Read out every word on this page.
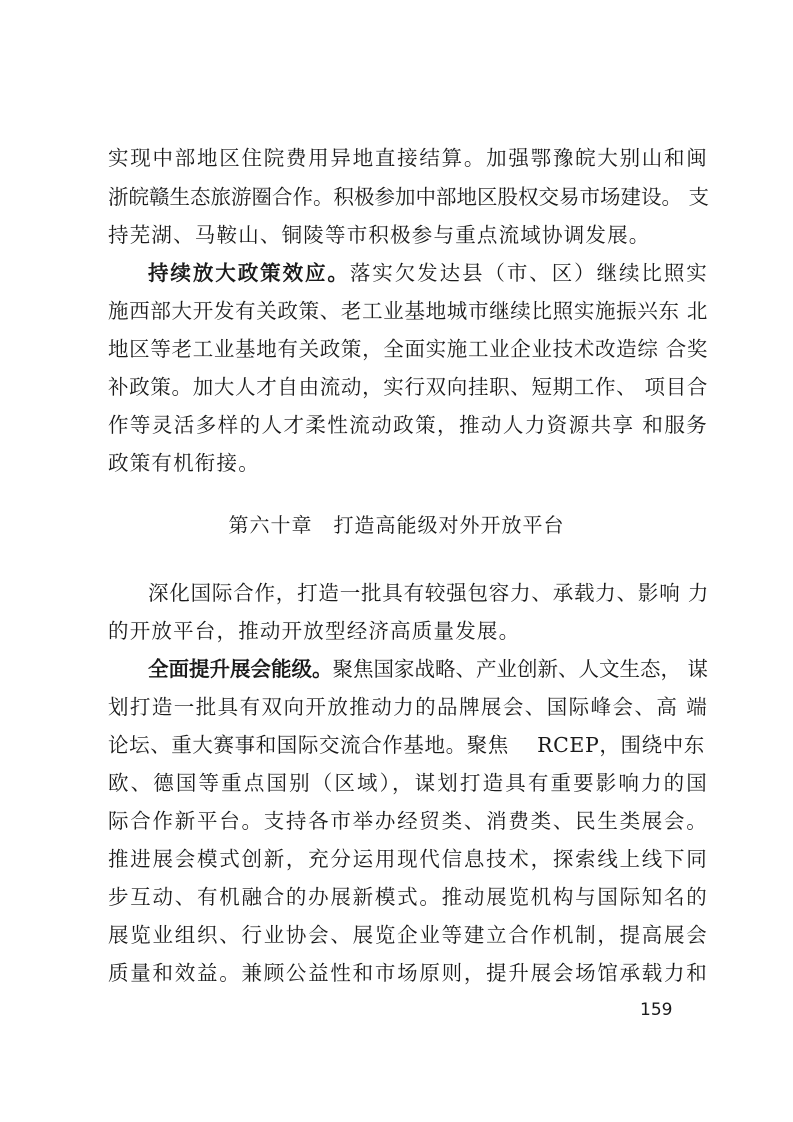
实现中部地区住院费用异地直接结算。加强鄂豫皖大别山和闽
浙皖赣生态旅游圈合作。积极参加中部地区股权交易市场建设。 支
持芜湖、马鞍山、铜陵等市积极参与重点流域协调发展。
持续放大政策效应。落实欠发达县（市、区）继续比照实
施西部大开发有关政策、老工业基地城市继续比照实施振兴东 北
地区等老工业基地有关政策，全面实施工业企业技术改造综 合奖
补政策。加大人才自由流动，实行双向挂职、短期工作、 项目合
作等灵活多样的人才柔性流动政策，推动人力资源共享 和服务
政策有机衔接。
第六十章　打造高能级对外开放平台
深化国际合作，打造一批具有较强包容力、承载力、影响 力
的开放平台，推动开放型经济高质量发展。
全面提升展会能级。聚焦国家战略、产业创新、人文生态， 谋
划打造一批具有双向开放推动力的品牌展会、国际峰会、高 端
论坛、重大赛事和国际交流合作基地。聚焦　 RCEP，围绕中东
欧、德国等重点国别（区域），谋划打造具有重要影响力的国
际合作新平台。支持各市举办经贸类、消费类、民生类展会。
推进展会模式创新，充分运用现代信息技术，探索线上线下同
步互动、有机融合的办展新模式。推动展览机构与国际知名的
展览业组织、行业协会、展览企业等建立合作机制，提高展会
质量和效益。兼顾公益性和市场原则，提升展会场馆承载力和
159
